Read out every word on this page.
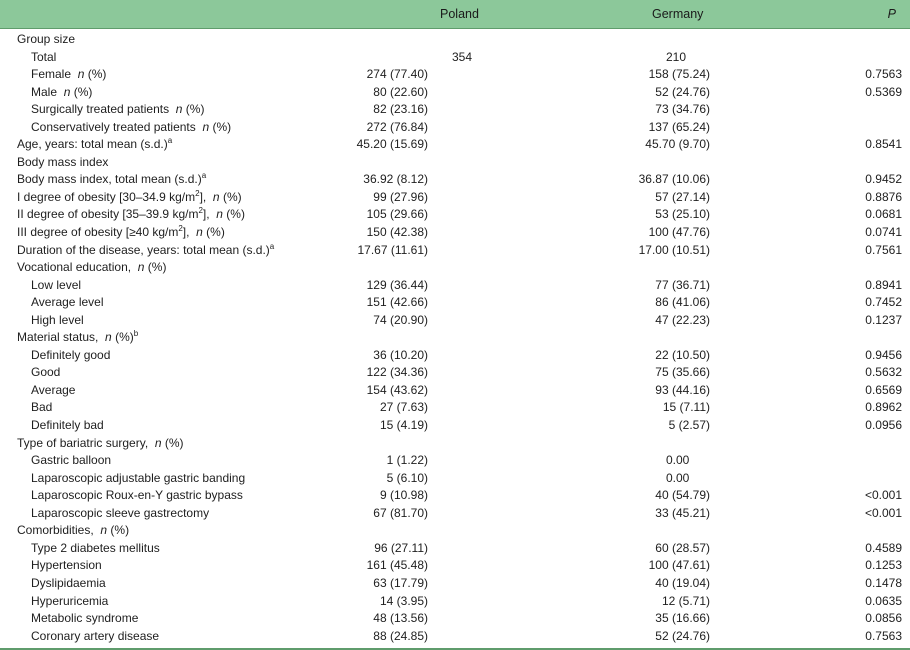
Poland	Germany	P
Group size
Total	354	210
Female n (%)	274 (77.40)	158 (75.24)	0.7563
Male n (%)	80 (22.60)	52 (24.76)	0.5369
Surgically treated patients n (%)	82 (23.16)	73 (34.76)
Conservatively treated patients n (%)	272 (76.84)	137 (65.24)
Age, years: total mean $(s.d.)^a$	45.20 (15.69)	45.70 (9.70)	0.8541
Body mass index
Body mass index, total mean $(s.d.)^a$	36.92 (8.12)	36.87 (10.06)	0.9452
I degree of obesity [30–34.9 $kg/m^2$], n (%)	99 (27.96)	57 (27.14)	0.8876
II degree of obesity [35–39.9 $kg/m^2$], n (%)	105 (29.66)	53 (25.10)	0.0681
III degree of obesity [≥40 $kg/m^2$], n (%)	150 (42.38)	100 (47.76)	0.0741
Duration of the disease, years: total mean $(s.d.)^a$	17.67 (11.61)	17.00 (10.51)	0.7561
Vocational education, n (%)
Low level	129 (36.44)	77 (36.71)	0.8941
Average level	151 (42.66)	86 (41.06)	0.7452
High level	74 (20.90)	47 (22.23)	0.1237
Material status, n (%)$^b$
Definitely good	36 (10.20)	22 (10.50)	0.9456
Good	122 (34.36)	75 (35.66)	0.5632
Average	154 (43.62)	93 (44.16)	0.6569
Bad	27 (7.63)	15 (7.11)	0.8962
Definitely bad	15 (4.19)	5 (2.57)	0.0956
Type of bariatric surgery, n (%)
Gastric balloon	1 (1.22)	0.00
Laparoscopic adjustable gastric banding	5 (6.10)	0.00
Laparoscopic Roux-en-Y gastric bypass	9 (10.98)	40 (54.79)	<0.001
Laparoscopic sleeve gastrectomy	67 (81.70)	33 (45.21)	<0.001
Comorbidities, n (%)
Type 2 diabetes mellitus	96 (27.11)	60 (28.57)	0.4589
Hypertension	161 (45.48)	100 (47.61)	0.1253
Dyslipidaemia	63 (17.79)	40 (19.04)	0.1478
Hyperuricemia	14 (3.95)	12 (5.71)	0.0635
Metabolic syndrome	48 (13.56)	35 (16.66)	0.0856
Coronary artery disease	88 (24.85)	52 (24.76)	0.7563
